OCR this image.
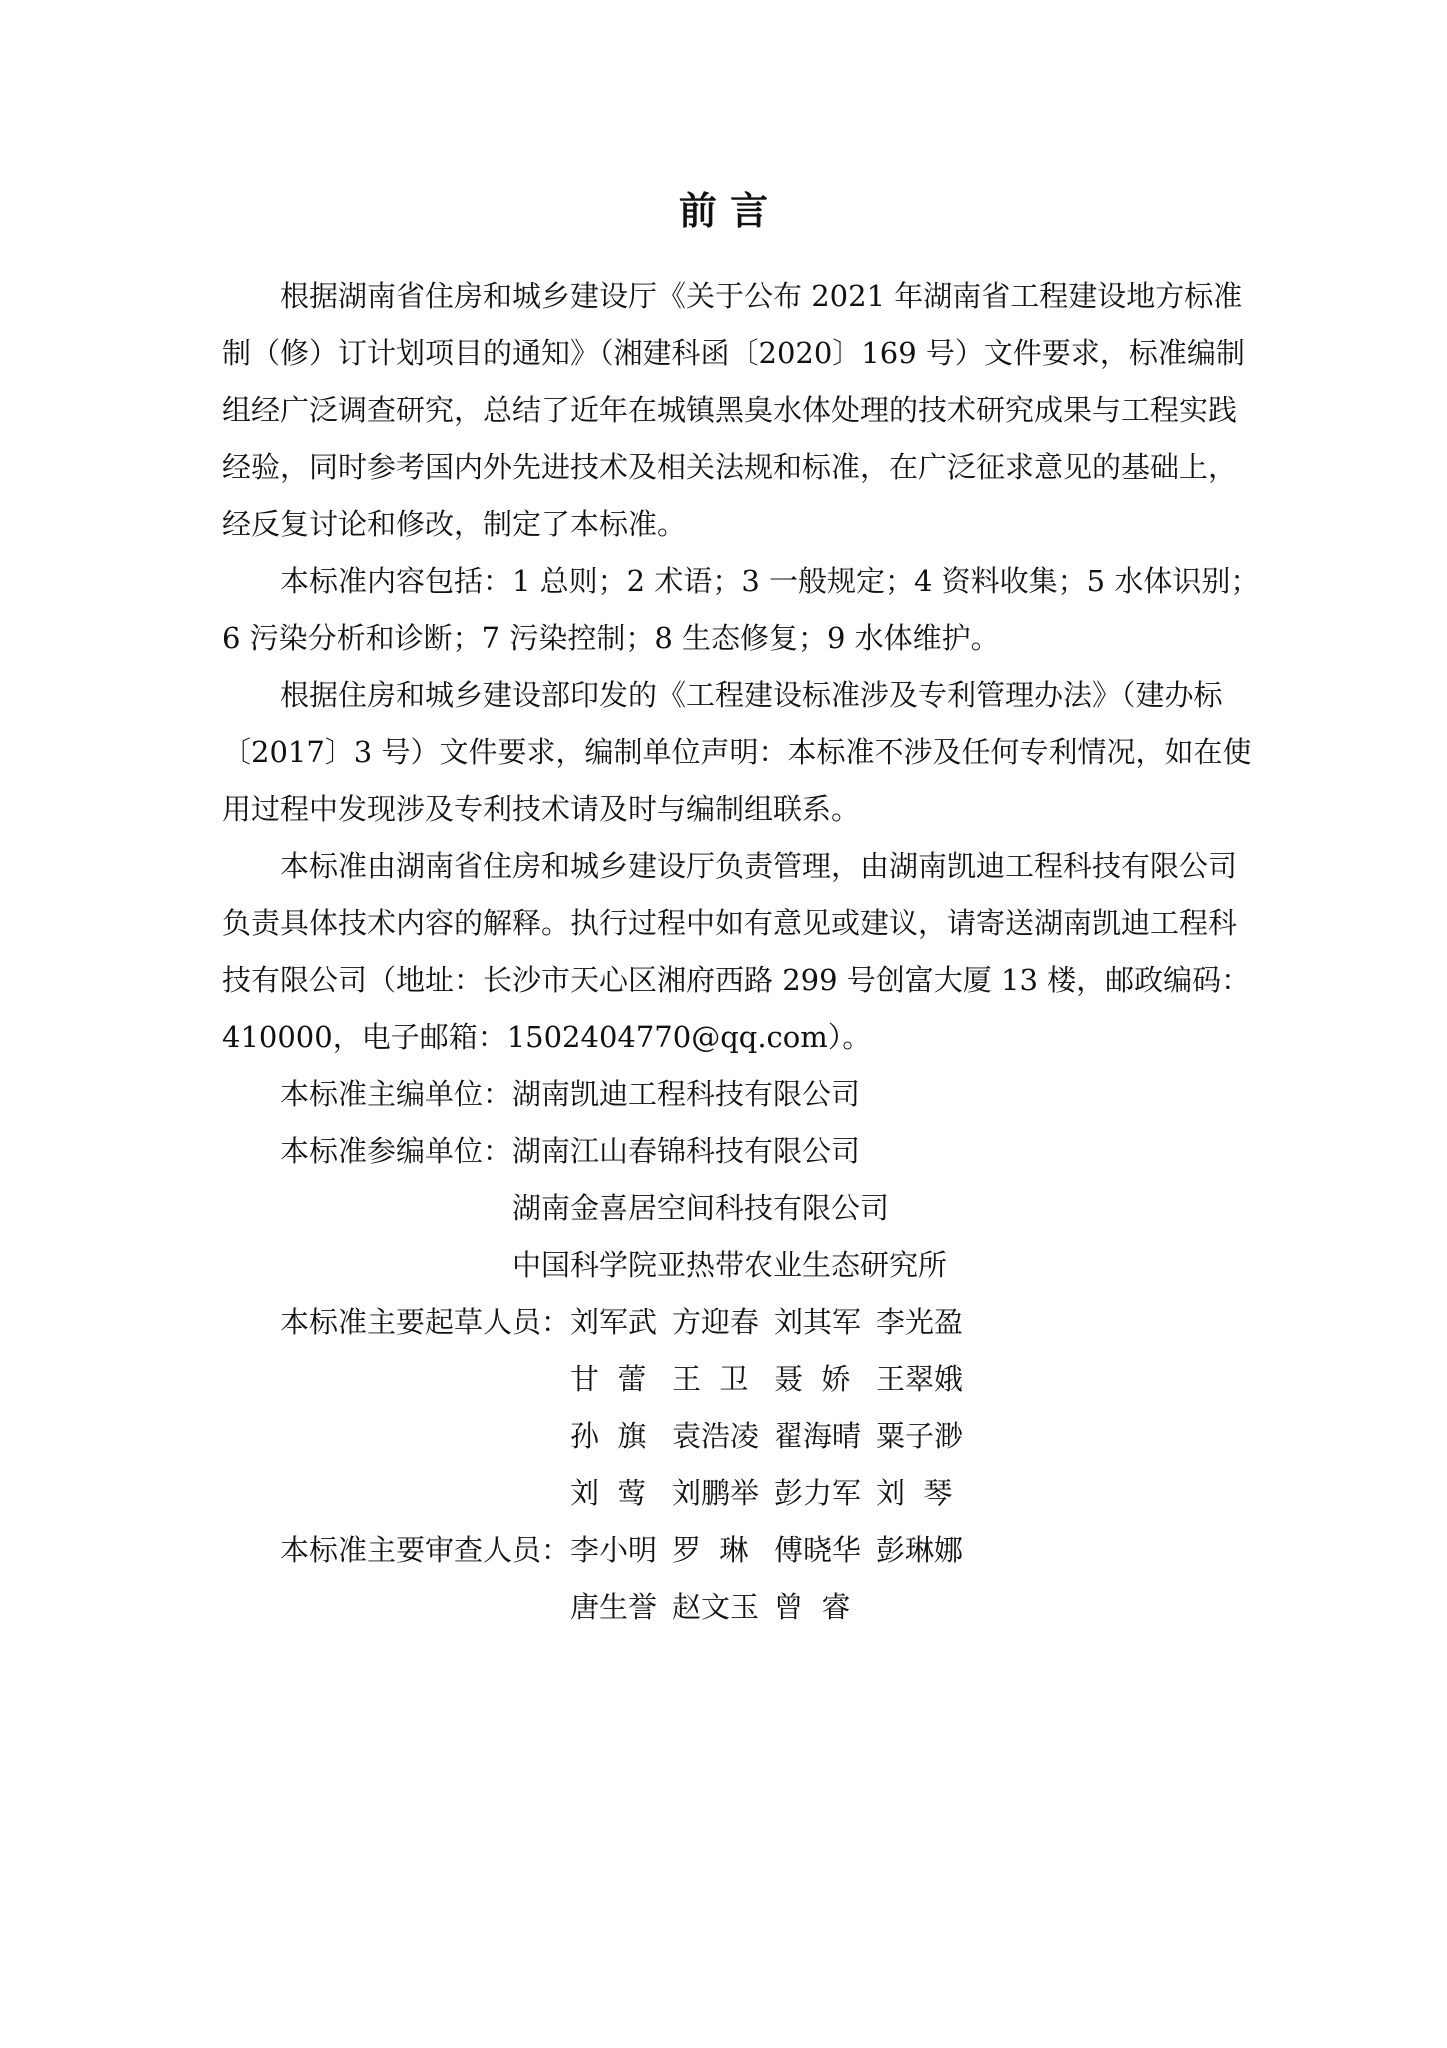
前 言
根据湖南省住房和城乡建设厅《关于公布 2021 年湖南省工程建设地方标准
制（修）订计划项目的通知》（湘建科函〔2020〕169 号）文件要求，标准编制
组经广泛调查研究，总结了近年在城镇黑臭水体处理的技术研究成果与工程实践
经验，同时参考国内外先进技术及相关法规和标准，在广泛征求意见的基础上，
经反复讨论和修改，制定了本标准。
本标准内容包括：1 总则；2 术语；3 一般规定；4 资料收集；5 水体识别；
6 污染分析和诊断；7 污染控制；8 生态修复；9 水体维护。
根据住房和城乡建设部印发的《工程建设标准涉及专利管理办法》（建办标
〔2017〕3 号）文件要求，编制单位声明：本标准不涉及任何专利情况，如在使
用过程中发现涉及专利技术请及时与编制组联系。
本标准由湖南省住房和城乡建设厅负责管理，由湖南凯迪工程科技有限公司
负责具体技术内容的解释。执行过程中如有意见或建议，请寄送湖南凯迪工程科
技有限公司（地址：长沙市天心区湘府西路 299 号创富大厦 13 楼，邮政编码：
410000，电子邮箱：1502404770@qq.com）。
本标准主编单位： 湖南凯迪工程科技有限公司
本标准参编单位： 湖南江山春锦科技有限公司
湖南金喜居空间科技有限公司
中国科学院亚热带农业生态研究所
本标准主要起草人员： 刘军武 方迎春 刘其军 李光盈
甘  蕾 王  卫 聂  娇 王翠娥
孙  旗 袁浩凌 翟海晴 粟子渺
刘  莺 刘鹏举 彭力军 刘  琴
本标准主要审查人员： 李小明 罗  琳 傅晓华 彭琳娜
唐生誉 赵文玉 曾  睿
